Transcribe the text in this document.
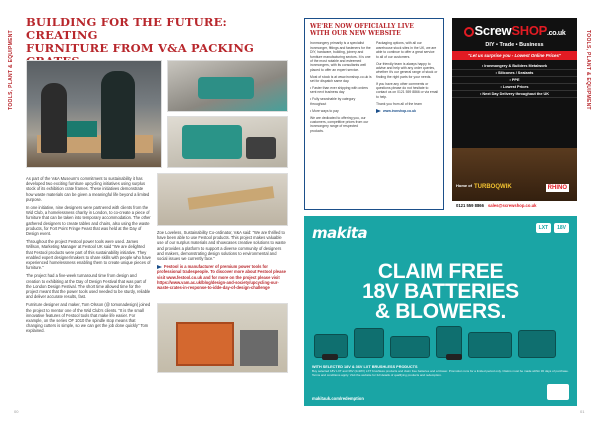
TOOLS, PLANT & EQUIPMENT	TOOLS, PLANT & EQUIPMENT
BUILDING FOR THE FUTURE: CREATING
FURNITURE FROM V&A PACKING

As part of the V&A Museum's commitment to sustainability it has developed two exciting furniture upcycling initiatives using surplus stock of its exhibition crate frames. These initiatives demonstrate how waste materials can be given a meaningful life beyond a limited purpose.

In one initiative, nine designers were partnered with clients from the Wid Club, a homelessness charity in London, to co-create a piece of furniture that can be taken into temporary accommodation. The other gathered designers to create tables and chairs, also using the waste products, for Fort Point Fringe Feast that was held at the Day of Design event.

Throughout the project Festool power tools were used. James Willson, Marketing Manager at Festool UK said "We are delighted that Festool products were part of this sustainability initiative. They enabled expert designer/makers to share skills with people who have experienced homelessness enabling them to create unique pieces of furniture."

The project had a five-week turnaround time from design and creation to exhibiting at the Day of Design Festival that was part of the London Design Festival. The short time allowed time for the project meant that the power tools used needed to be sturdy, reliable and deliver accurate results, fast.

Furniture designer and maker, Tom Olsson (@ tomonadesign) joined the project to mentor one of the Wid Club's clients. "It is the small innovative features of Festool tools that make life easier. For example, on the series OF 1010 the spindle stop means that changing cutters is simple, so we can get the job done quickly" Tom explained.

Zoe Loveless, Sustainability Co-ordinator, V&A said: "We are thrilled to have been able to use Festool products. This project makes valuable use of our surplus materials and showcases creative solutions to waste and provides a platform to support a diverse community of designers and makers, demonstrating design solutions to environmental and social issues we currently face."

Festool is a manufacturer of premium power tools for professional tradespeople. To discover more about Festool please visit www.festool.co.uk and for more on the project please visit https://www.vam.ac.uk/blog/design-and-society/upcycling-our-waste-crates-in-response-to-idde-day-of-design-challenge

00	01
WE'RE NOW OFFICIALLY LIVE
WITH OUR NEW WEBSITE

Ironmongery primarily is a specialist ironmonger, fittings and fasteners for the DIY, hardware, building, joinery and furniture manufacturing sectors. It is one of the most notable and esteemed ironmongers, with its consultants well placed to offer an expert service.

Most of stock is at www.ironshop.co.uk is set for dispatch same day.

• Faster than ever shipping with orders sent next business day

• Fully searchable by category throughout

• More ways to pay

We are dedicated to offering you, our customers, competitive prices from our ironmongery range of respected products.

Packaging options, with all our warehouse stock sites in the UK, we are able to continue to offer a great service to all of our customers.

Our friendly team is always happy to advise and help with any order queries, whether it's our general range of stock or finding the right parts for your needs.

If you have any other comments or questions please do not hesitate to contact us on 0121 559 8866 or via email to help.

Thank you from all of the team

www.ironshop.co.uk

ScrewSHOP.co.uk
DIY • Trade • Business
"Let us surprise you - Lowest Online Prices"
• Ironmongery & Builders Metalwork
• Silicones / Sealants
• PPE
• Lowest Prices
• Next Day Delivery throughout the UK
Home of TURBOQWIK	RHINO
0121 559 8866 sales@screwshop.co.uk
makita	LXT	18V
CLAIM FREE
18V BATTERIES
& BLOWERS.
WITH SELECTED 18V & 36V LXT BRUSHLESS PRODUCTS
Buy selected 18V LXT and 36V (2x18V) LXT brushless products and claim free batteries and a blower. Promotion runs for a limited period only. Claims must be made within 30 days of purchase. Terms and conditions apply. Visit the website for full details of qualifying products and redemption.
makitauk.com/redemption
